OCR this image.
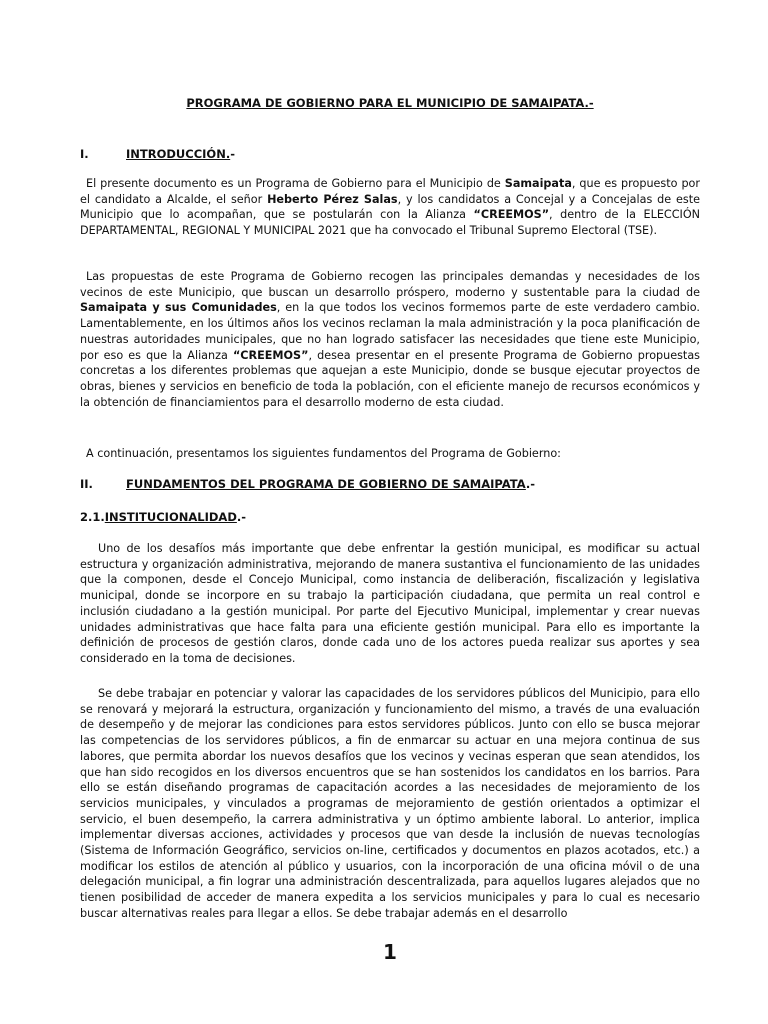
PROGRAMA DE GOBIERNO PARA EL MUNICIPIO DE SAMAIPATA.-
I.	INTRODUCCIÓN.-

El presente documento es un Programa de Gobierno para el Municipio de Samaipata, que es propuesto por el candidato a Alcalde, el señor Heberto Pérez Salas, y los candidatos a Concejal y a Concejalas de este Municipio que lo acompañan, que se postularán con la Alianza “CREEMOS”, dentro de la ELECCIÓN DEPARTAMENTAL, REGIONAL Y MUNICIPAL 2021 que ha convocado el Tribunal Supremo Electoral (TSE).

Las propuestas de este Programa de Gobierno recogen las principales demandas y necesidades de los vecinos de este Municipio, que buscan un desarrollo próspero, moderno y sustentable para la ciudad de Samaipata y sus Comunidades, en la que todos los vecinos formemos parte de este verdadero cambio. Lamentablemente, en los últimos años los vecinos reclaman la mala administración y la poca planificación de nuestras autoridades municipales, que no han logrado satisfacer las necesidades que tiene este Municipio, por eso es que la Alianza “CREEMOS”, desea presentar en el presente Programa de Gobierno propuestas concretas a los diferentes problemas que aquejan a este Municipio, donde se busque ejecutar proyectos de obras, bienes y servicios en beneficio de toda la población, con el eficiente manejo de recursos económicos y la obtención de financiamientos para el desarrollo moderno de esta ciudad.

A continuación, presentamos los siguientes fundamentos del Programa de Gobierno:

II.	FUNDAMENTOS DEL PROGRAMA DE GOBIERNO DE SAMAIPATA.-
2.1.INSTITUCIONALIDAD.-

Uno de los desafíos más importante que debe enfrentar la gestión municipal, es modificar su actual estructura y organización administrativa, mejorando de manera sustantiva el funcionamiento de las unidades que la componen, desde el Concejo Municipal, como instancia de deliberación, fiscalización y legislativa municipal, donde se incorpore en su trabajo la participación ciudadana, que permita un real control e inclusión ciudadano a la gestión municipal. Por parte del Ejecutivo Municipal, implementar y crear nuevas unidades administrativas que hace falta para una eficiente gestión municipal. Para ello es importante la definición de procesos de gestión claros, donde cada uno de los actores pueda realizar sus aportes y sea considerado en la toma de decisiones.

Se debe trabajar en potenciar y valorar las capacidades de los servidores públicos del Municipio, para ello se renovará y mejorará la estructura, organización y funcionamiento del mismo, a través de una evaluación de desempeño y de mejorar las condiciones para estos servidores públicos. Junto con ello se busca mejorar las competencias de los servidores públicos, a fin de enmarcar su actuar en una mejora continua de sus labores, que permita abordar los nuevos desafíos que los vecinos y vecinas esperan que sean atendidos, los que han sido recogidos en los diversos encuentros que se han sostenidos los candidatos en los barrios. Para ello se están diseñando programas de capacitación acordes a las necesidades de mejoramiento de los servicios municipales, y vinculados a programas de mejoramiento de gestión orientados a optimizar el servicio, el buen desempeño, la carrera administrativa y un óptimo ambiente laboral. Lo anterior, implica implementar diversas acciones, actividades y procesos que van desde la inclusión de nuevas tecnologías (Sistema de Información Geográfico, servicios on-line, certificados y documentos en plazos acotados, etc.) a modificar los estilos de atención al público y usuarios, con la incorporación de una oficina móvil o de una delegación municipal, a fin lograr una administración descentralizada, para aquellos lugares alejados que no tienen posibilidad de acceder de manera expedita a los servicios municipales y para lo cual es necesario buscar alternativas reales para llegar a ellos. Se debe trabajar además en el desarrollo

1
